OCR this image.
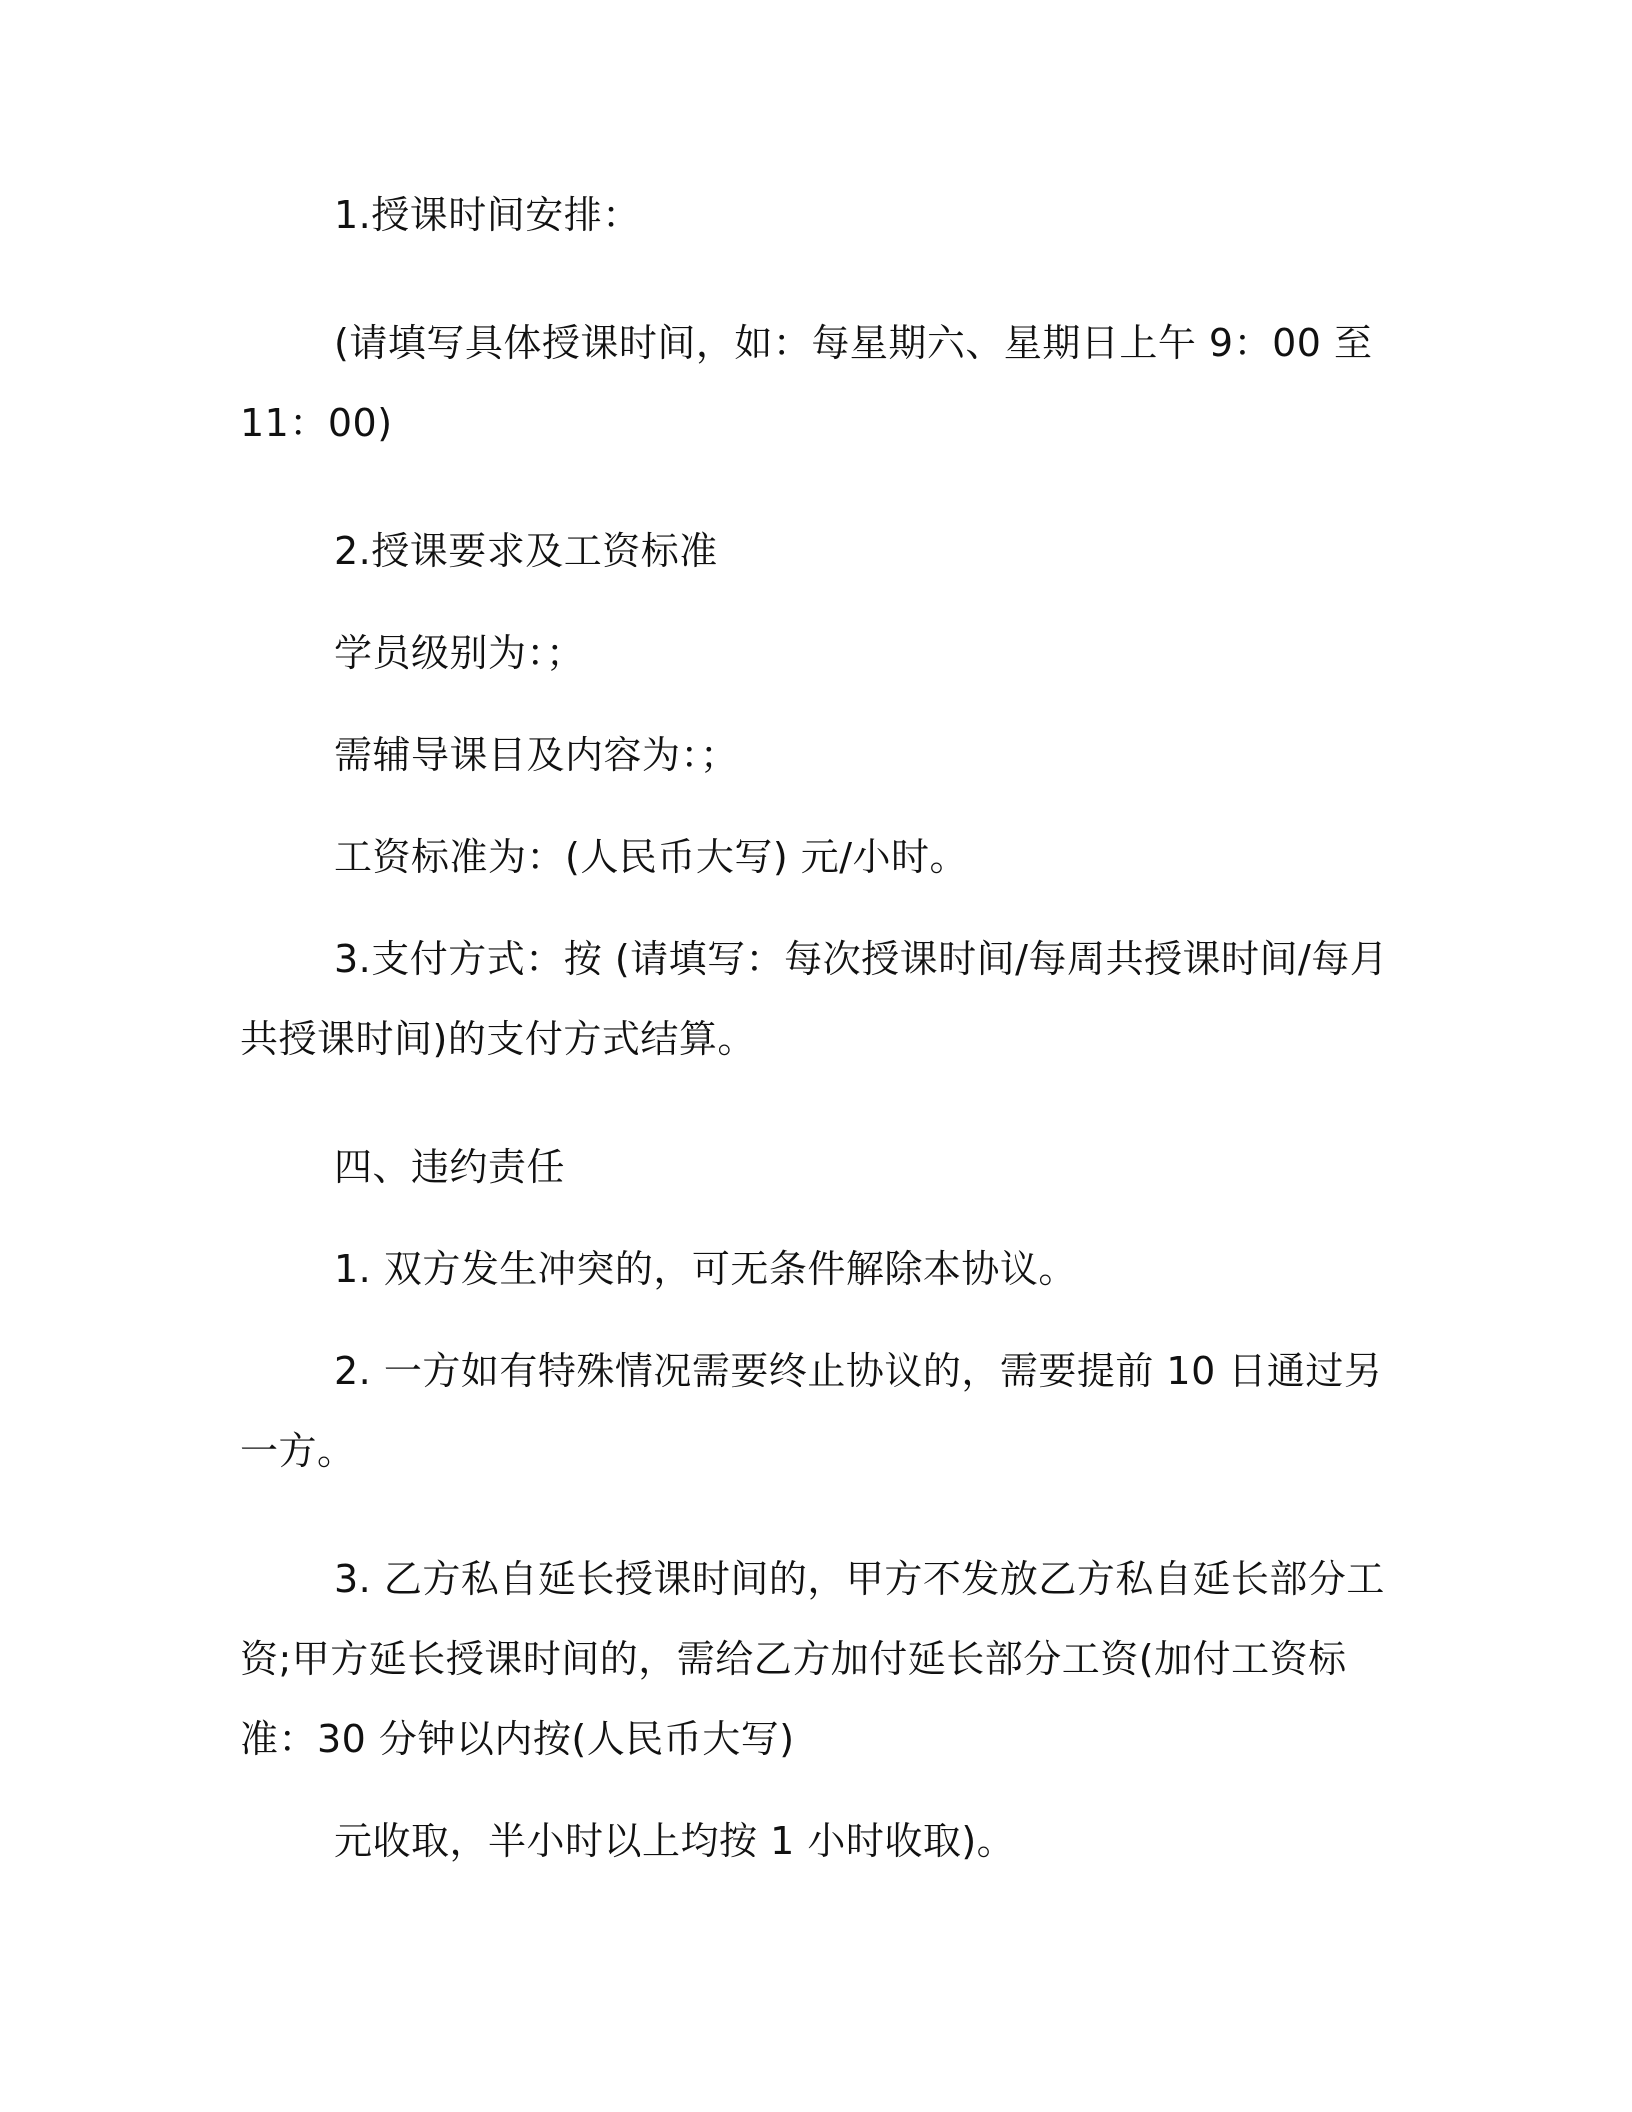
1.授课时间安排：

(请填写具体授课时间，如：每星期六、星期日上午 9：00 至 11：00)

2.授课要求及工资标准

学员级别为：；

需辅导课目及内容为：；

工资标准为：(人民币大写) 元/小时。

3.支付方式：按 (请填写：每次授课时间/每周共授课时间/每月共授课时间)的支付方式结算。

四、违约责任

1. 双方发生冲突的，可无条件解除本协议。

2. 一方如有特殊情况需要终止协议的，需要提前 10 日通过另一方。

3. 乙方私自延长授课时间的，甲方不发放乙方私自延长部分工资;甲方延长授课时间的，需给乙方加付延长部分工资(加付工资标准：30 分钟以内按(人民币大写)

元收取，半小时以上均按 1 小时收取)。
